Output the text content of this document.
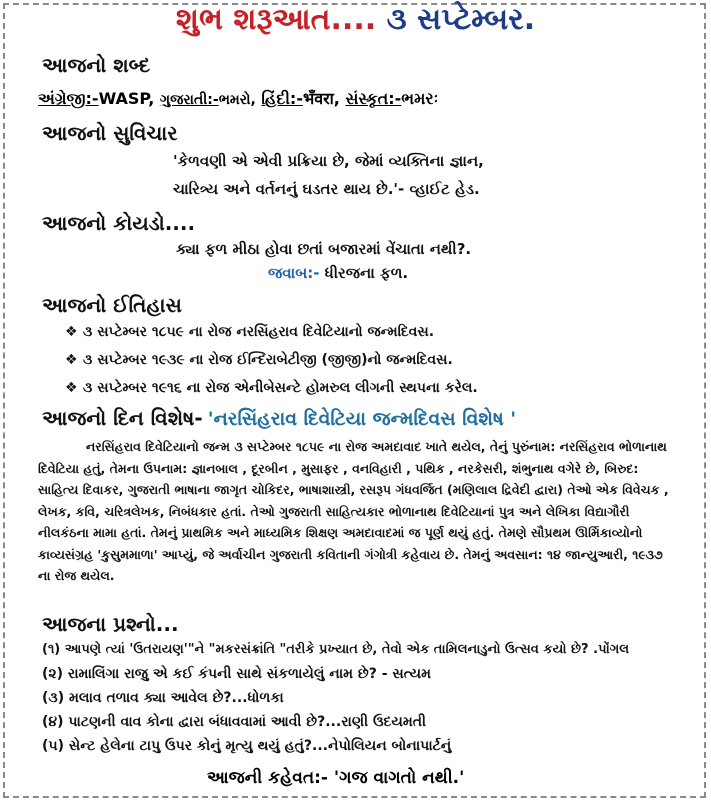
શુભ શરૂઆત.... ૩ સપ્ટેમ્બર.
આજનો શબ્દ
અંગ્રેજી:-WASP, ગુજરાતી:-ભમરો, હિંદી:-भँवरा, સંસ્કૃત:-ભમરઃ
આજનો સુવિચાર
'કેળવણી એ એવી પ્રક્રિયા છે, જેમાં વ્યક્તિના જ્ઞાન,
ચારિત્ર્ય અને વર્તનનું ઘડતર થાય છે.'- વ્હાઈટ હેડ.
આજનો કોયડો....
ક્યા ફળ મીઠા હોવા છતાં બજારમાં વેંચાતા નથી?.
જવાબ:- ધીરજના ફળ.
આજનો ઈતિહાસ
❖ ૩ સપ્ટેમ્બર ૧૮૫૯ ના રોજ નરસિંહરાવ દિવેટિયાનો જન્મદિવસ.
❖ ૩ સપ્ટેમ્બર ૧૯૩૯ ના રોજ ઈન્દિરાબેટીજી (જીજી)નો જન્મદિવસ.
❖ ૩ સપ્ટેમ્બર ૧૯૧૬ ના રોજ એનીબેસન્ટે હોમરુલ લીગની સ્થપના કરેલ.
આજનો દિન વિશેષ- 'નરસિંહરાવ દિવેટિયા જન્મદિવસ વિશેષ '

નરસિંહરાવ દિવેટિયાનો જન્મ ૩ સપ્ટેમ્બર ૧૮૫૯ ના રોજ અમદાવાદ ખાતે થયેલ, તેનું પુરુંનામ: નરસિંહરાવ ભોળાનાથ દિવેટિયા હતું, તેમના ઉપનામ: જ્ઞાનબાલ , દૂરબીન , મુસાફર , વનવિહારી , પથિક , નરકેસરી, શંભુનાથ વગેરે છે, બિરુદ: સાહિત્ય દિવાકર, ગુજરાતી ભાષાના જાગૃત ચોકિદર, ભાષાશાસ્ત્રી, રસરૂપ ગંધવર્જિત (મણિલાલ દ્રિવેદી દ્વારા) તેઓ એક વિવેચક , લેખક, કવિ, ચરિત્રલેખક, નિબંધકાર હતાં. તેઓ ગુજરાતી સાહિત્યકાર ભોળાનાથ દિવેટિયાનાં પુત્ર અને લેખિકા વિદ્યાગૌરી નીલકંઠના મામા હતાં. તેમનું પ્રાથમિક અને માધ્યમિક શિક્ષણ અમદાવાદમાં જ પૂર્ણ થયું હતું. તેમણે સૌપ્રથમ ઊર્મિકાવ્યોનો કાવ્યસંગ્રહ 'કુસુમમાળા' આપ્યું, જે અર્વાચીન ગુજરાતી કવિતાની ગંગોત્રી કહેવાય છે. તેમનું અવસાન: ૧૪ જાન્યુઆરી, ૧૯૩૭ ના રોજ થયેલ.

આજના પ્રશ્નો...
(૧) આપણે ત્યાં 'ઉતરાયણ'"ને "મકરસંક્રાંતિ "તરીકે પ્રખ્યાત છે, તેવો એક તામિલનાડુનો ઉત્સવ કયો છે? .પોંગલ
(૨) રામાલિંગા રાજુ એ કઈ કંપની સાથે સંકળાયેલું નામ છે? - સત્યમ
(૩) મલાવ તળાવ ક્યા આવેલ છે?...ધોળકા
(૪) પાટણની વાવ કોના દ્વારા બંધાવવામાં આવી છે?...રાણી ઉદયમતી
(૫) સેન્ટ હેલેના ટાપુ ઉપર કોનું મૃત્યુ થયું હતું?...નેપોલિયન બોનાપાર્ટનું
આજની કહેવત:- 'ગજ વાગતો નથી.'
